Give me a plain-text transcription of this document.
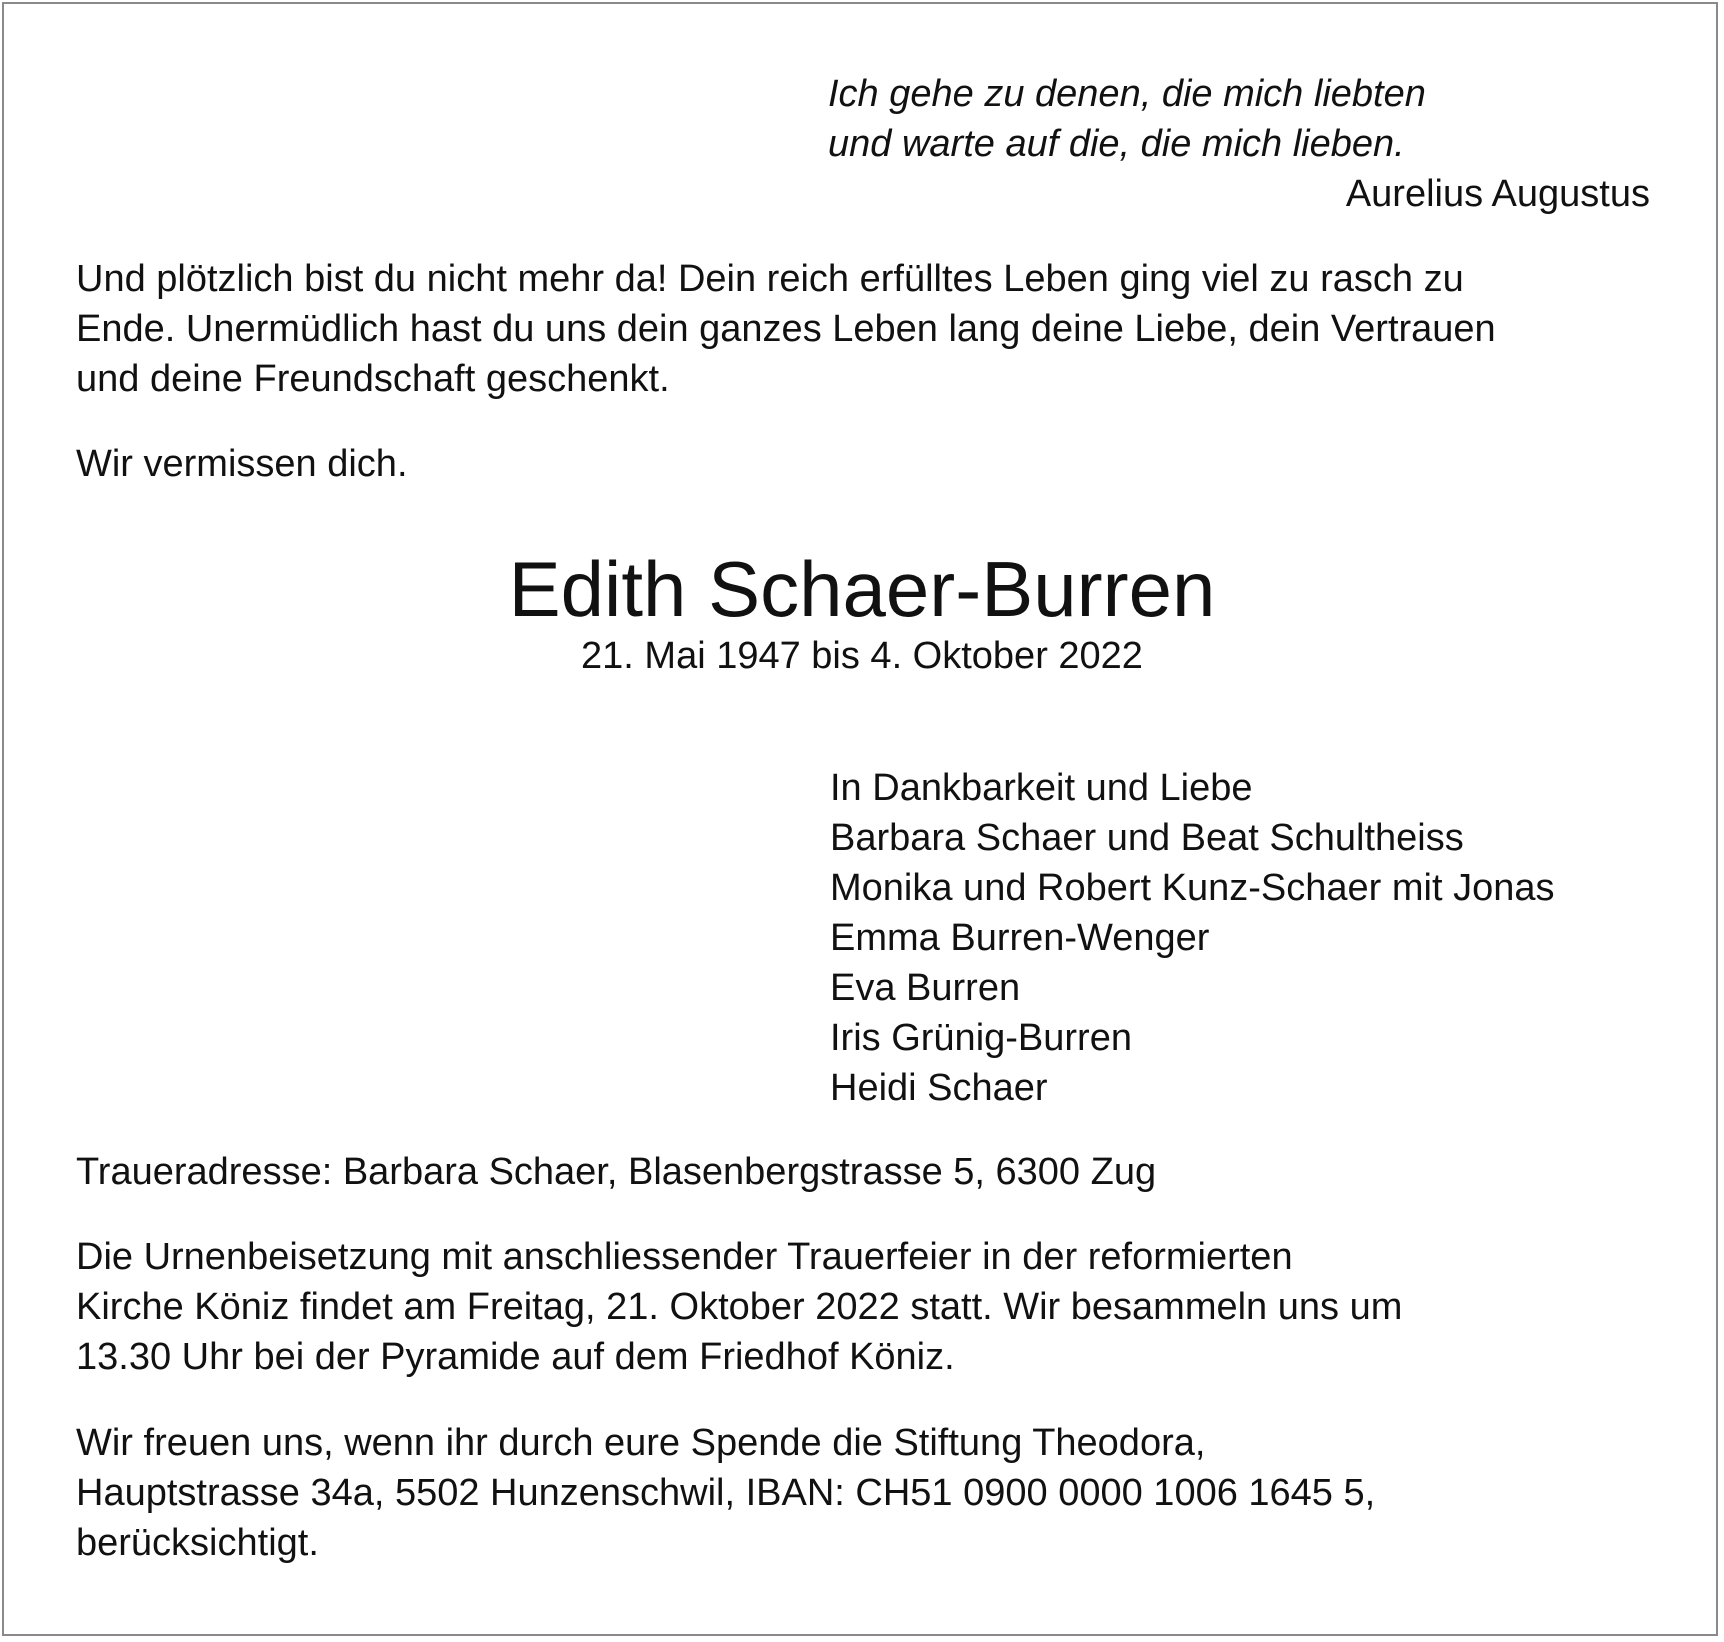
Ich gehe zu denen, die mich liebten
und warte auf die, die mich lieben.
Aurelius Augustus
Und plötzlich bist du nicht mehr da! Dein reich erfülltes Leben ging viel zu rasch zu
Ende. Unermüdlich hast du uns dein ganzes Leben lang deine Liebe, dein Vertrauen
und deine Freundschaft geschenkt.
Wir vermissen dich.
Edith Schaer-Burren
21. Mai 1947 bis 4. Oktober 2022
In Dankbarkeit und Liebe
Barbara Schaer und Beat Schultheiss
Monika und Robert Kunz-Schaer mit Jonas
Emma Burren-Wenger
Eva Burren
Iris Grünig-Burren
Heidi Schaer
Traueradresse: Barbara Schaer, Blasenbergstrasse 5, 6300 Zug
Die Urnenbeisetzung mit anschliessender Trauerfeier in der reformierten
Kirche Köniz findet am Freitag, 21. Oktober 2022 statt. Wir besammeln uns um
13.30 Uhr bei der Pyramide auf dem Friedhof Köniz.
Wir freuen uns, wenn ihr durch eure Spende die Stiftung Theodora,
Hauptstrasse 34a, 5502 Hunzenschwil, IBAN: CH51 0900 0000 1006 1645 5,
berücksichtigt.
